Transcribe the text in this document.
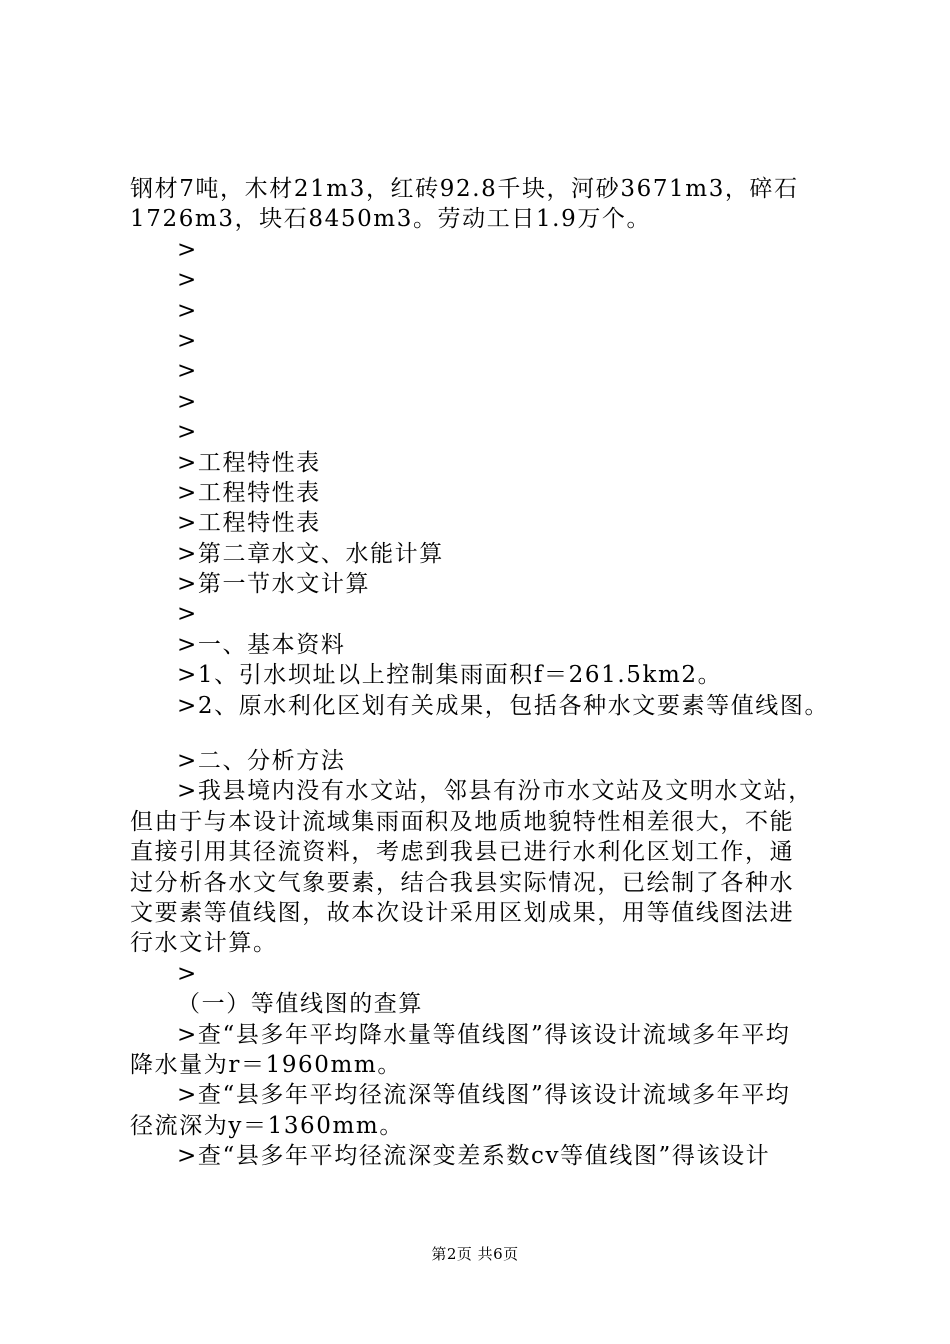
钢材7吨，木材21m3，红砖92.8千块，河砂3671m3，碎石
1726m3，块石8450m3。劳动工日1.9万个。
>
>
>
>
>
>
>
>工程特性表
>工程特性表
>工程特性表
>第二章水文、水能计算
>第一节水文计算
>
>一、基本资料
>1、引水坝址以上控制集雨面积f＝261.5km2。
>2、原水利化区划有关成果，包括各种水文要素等值线图。
>二、分析方法
>我县境内没有水文站，邻县有汾市水文站及文明水文站，
但由于与本设计流域集雨面积及地质地貌特性相差很大，不能
直接引用其径流资料，考虑到我县已进行水利化区划工作，通
过分析各水文气象要素，结合我县实际情况，已绘制了各种水
文要素等值线图，故本次设计采用区划成果，用等值线图法进
行水文计算。
>
（一）等值线图的查算
>查“县多年平均降水量等值线图”得该设计流域多年平均
降水量为r＝1960mm。
>查“县多年平均径流深等值线图”得该设计流域多年平均
径流深为y＝1360mm。
>查“县多年平均径流深变差系数cv等值线图”得该设计
第2页 共6页
